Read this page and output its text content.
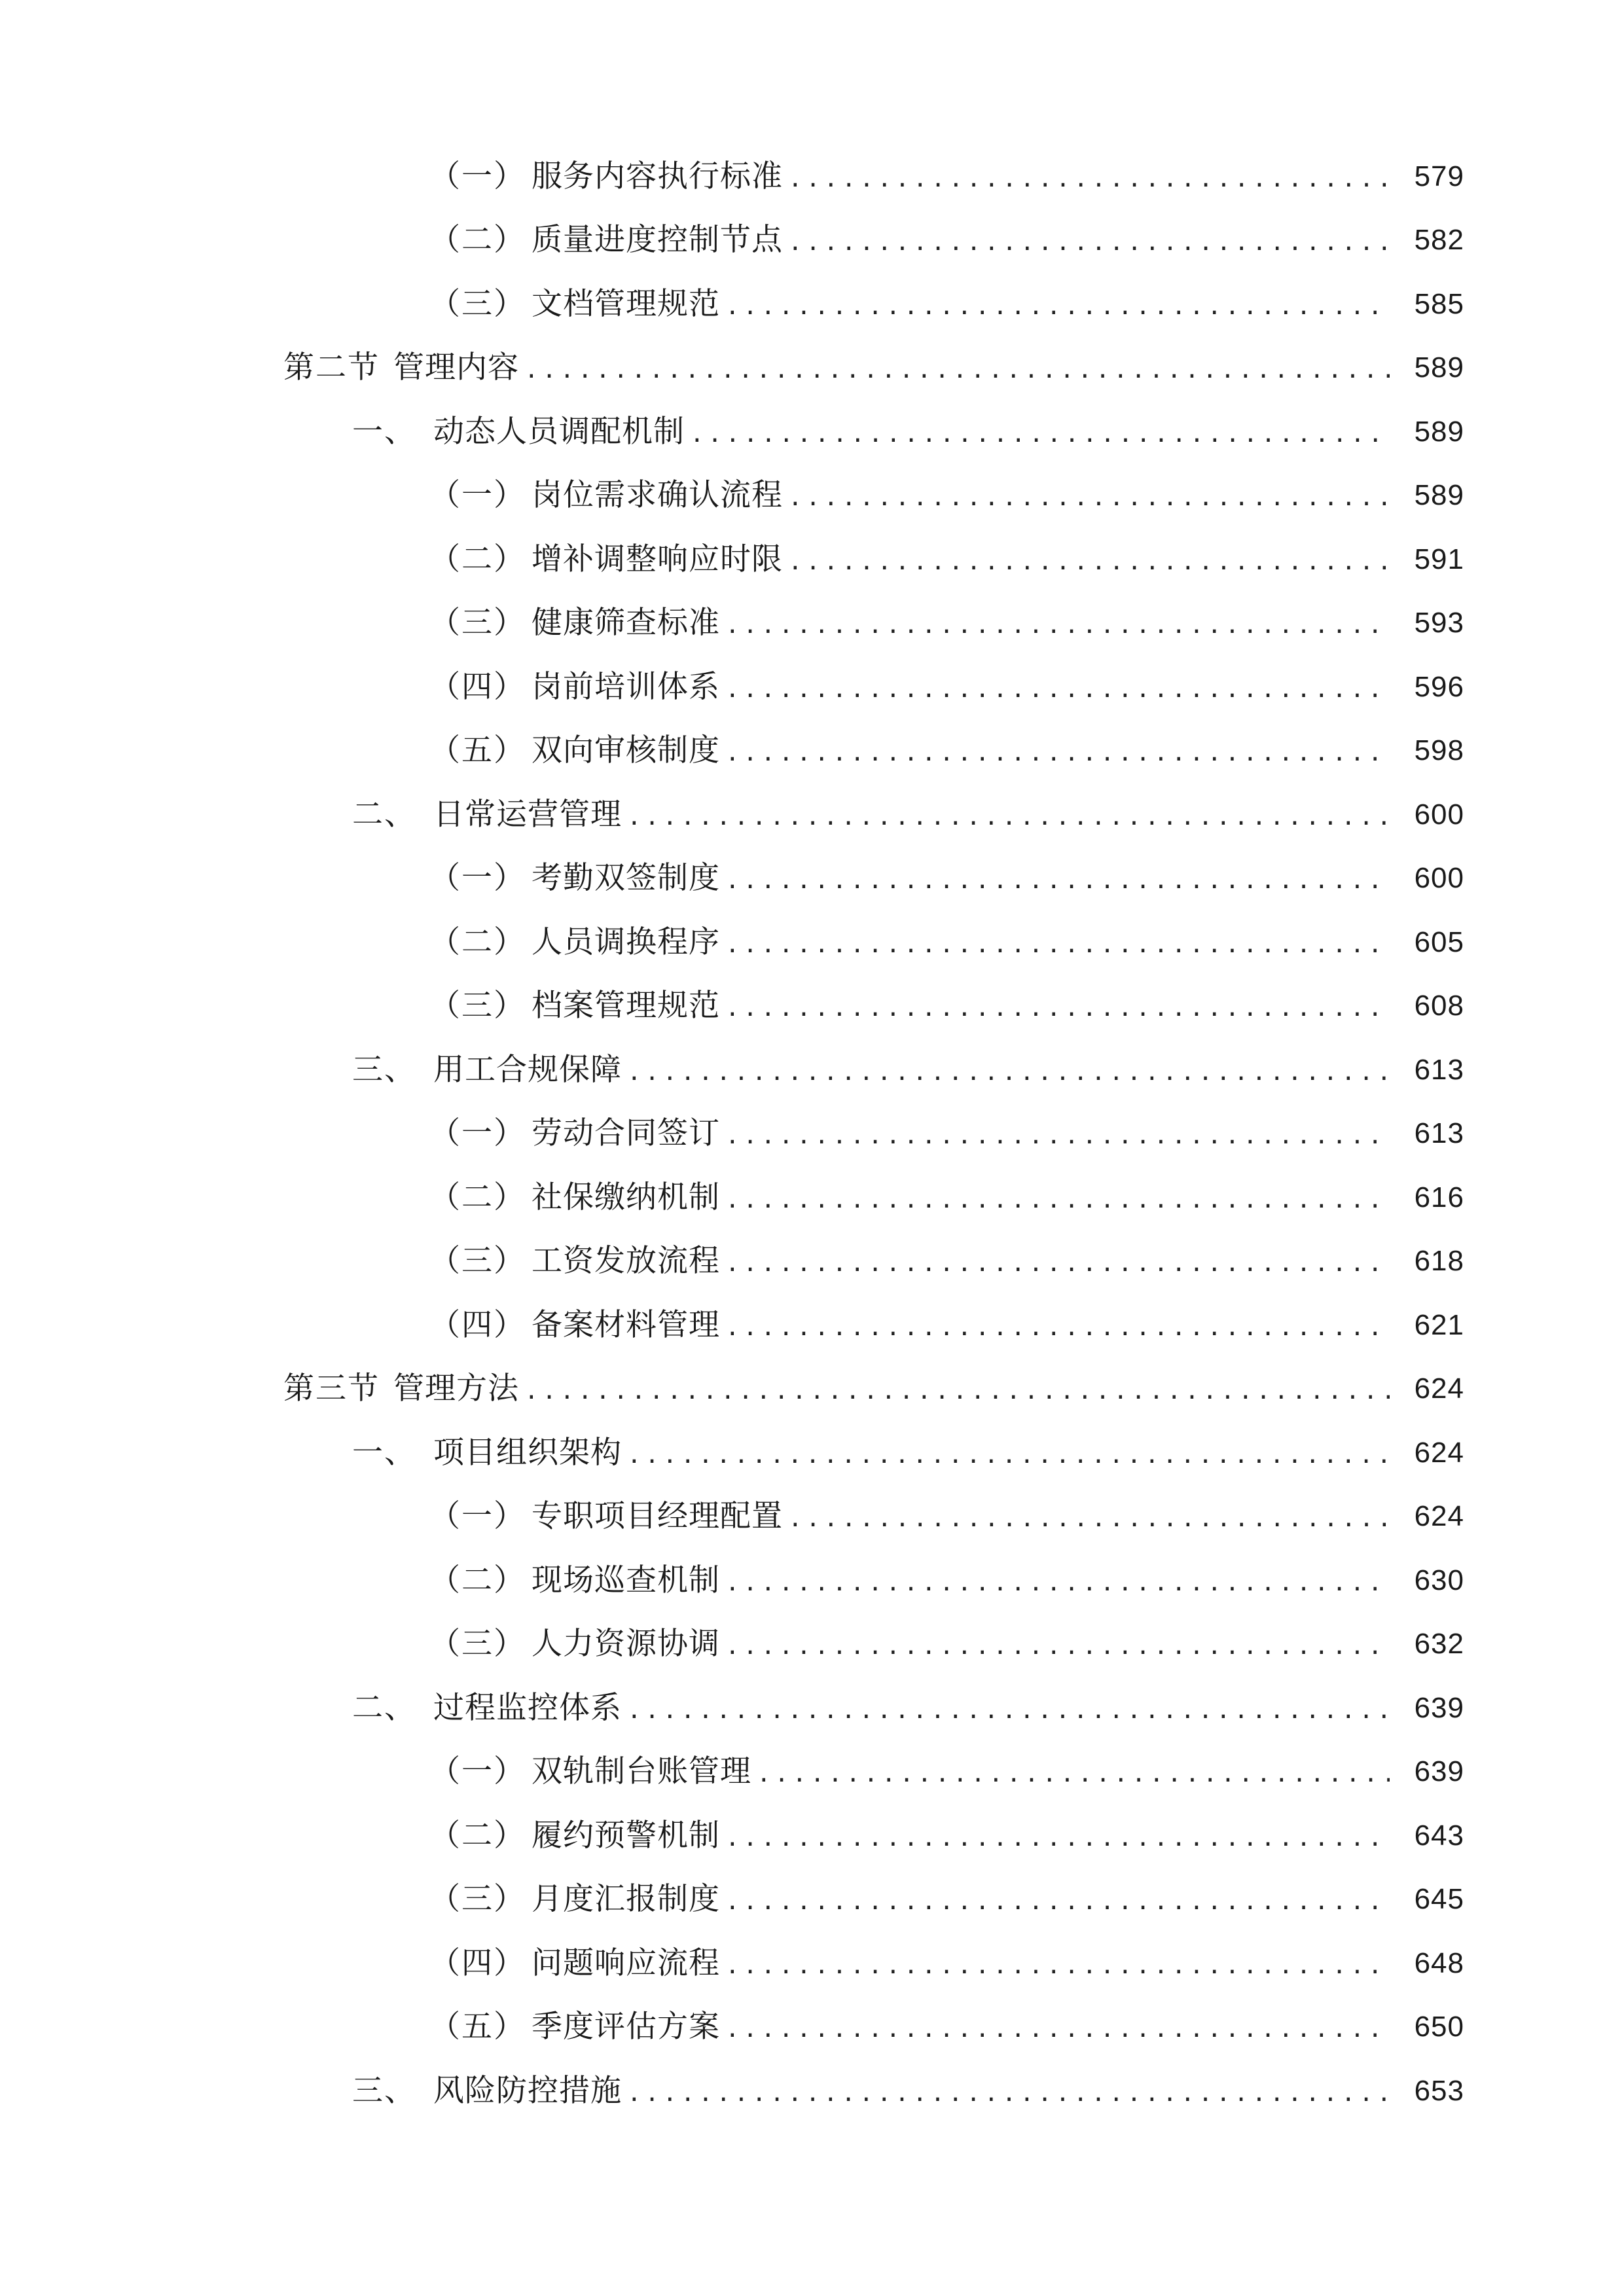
（一） 服务内容执行标准 .....	579
（二） 质量进度控制节点 .....	582
（三） 文档管理规范 .....	585
第二节 管理内容 .....	589
一、 动态人员调配机制 .....	589
（一） 岗位需求确认流程 .....	589
（二） 增补调整响应时限 .....	591
（三） 健康筛查标准 .....	593
（四） 岗前培训体系 .....	596
（五） 双向审核制度 .....	598
二、 日常运营管理 .....	600
（一） 考勤双签制度 .....	600
（二） 人员调换程序 .....	605
（三） 档案管理规范 .....	608
三、 用工合规保障 .....	613
（一） 劳动合同签订 .....	613
（二） 社保缴纳机制 .....	616
（三） 工资发放流程 .....	618
（四） 备案材料管理 .....	621
第三节 管理方法 .....	624
一、 项目组织架构 .....	624
（一） 专职项目经理配置 .....	624
（二） 现场巡查机制 .....	630
（三） 人力资源协调 .....	632
二、 过程监控体系 .....	639
（一） 双轨制台账管理 .....	639
（二） 履约预警机制 .....	643
（三） 月度汇报制度 .....	645
（四） 问题响应流程 .....	648
（五） 季度评估方案 .....	650
三、 风险防控措施 .....	653
